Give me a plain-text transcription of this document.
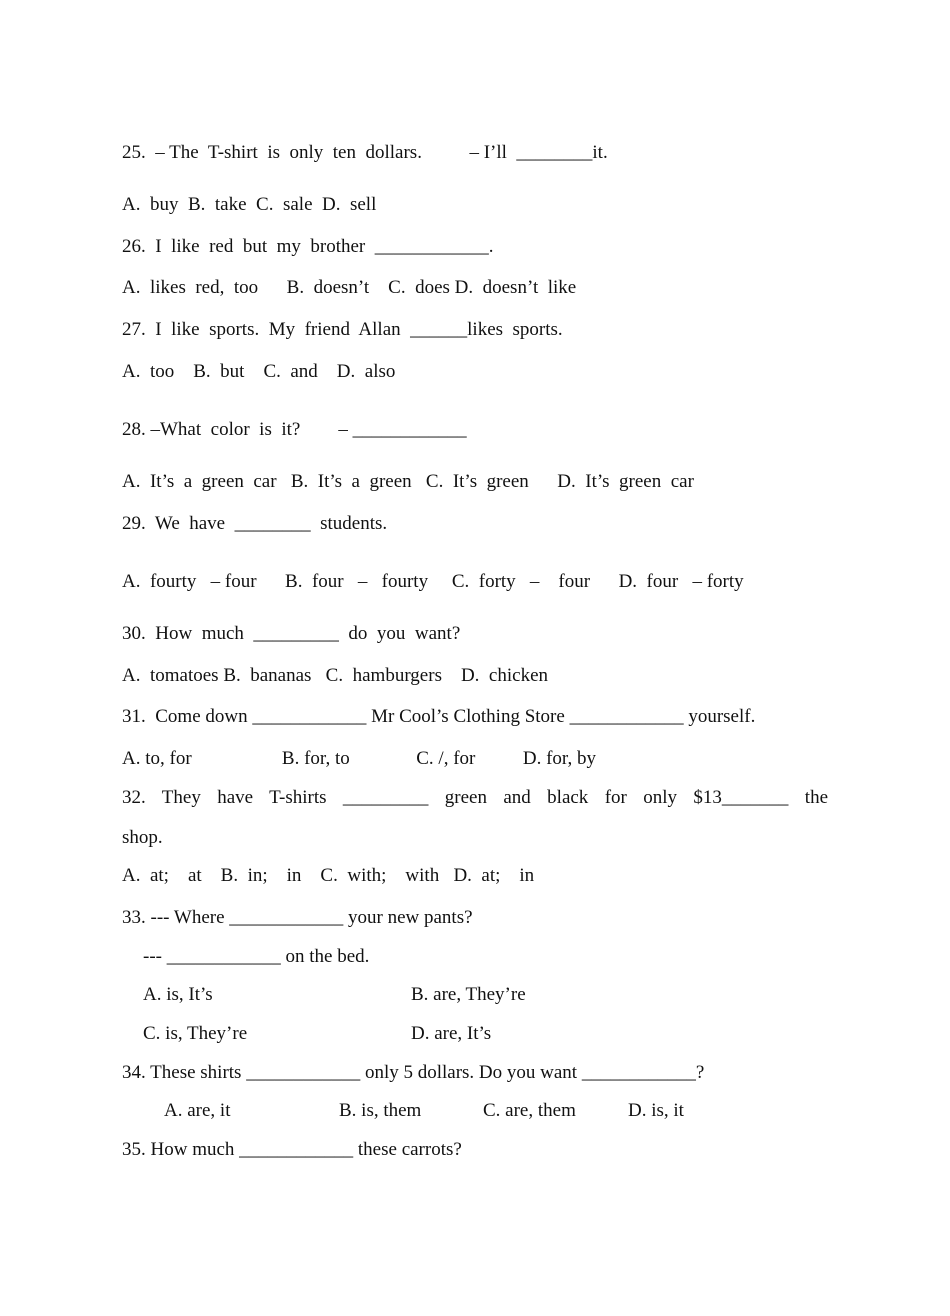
25.  – The  T-shirt  is  only  ten  dollars.          – I’ll  ________it.
A.  buy  B.  take  C.  sale  D.  sell
26.  I  like  red  but  my  brother  ____________.
A.  likes  red,  too      B.  doesn’t    C.  does D.  doesn’t  like
27.  I  like  sports.  My  friend  Allan  ______likes  sports.
A.  too    B.  but    C.  and    D.  also
28. –What  color  is  it?        – ____________
A.  It’s  a  green  car   B.  It’s  a  green   C.  It’s  green      D.  It’s  green  car
29.  We  have  ________  students.
A.  fourty   – four      B.  four   –   fourty     C.  forty   –    four      D.  four   – forty
30.  How  much  _________  do  you  want?
A.  tomatoes B.  bananas   C.  hamburgers    D.  chicken
31.  Come down ____________ Mr Cool’s Clothing Store ____________ yourself.
A. to, for                   B. for, to              C. /, for          D. for, by
32. They have T-shirts _________ green and black for only $13_______ the
shop.
A.  at;    at    B.  in;    in    C.  with;    with   D.  at;    in
33. --- Where ____________ your new pants?
--- ____________ on the bed.
A. is, It’s	B. are, They’re
C. is, They’re	D. are, It’s
34. These shirts ____________ only 5 dollars. Do you want ____________?
A. are, it	B. is, them	C. are, them	D. is, it
35. How much ____________ these carrots?
